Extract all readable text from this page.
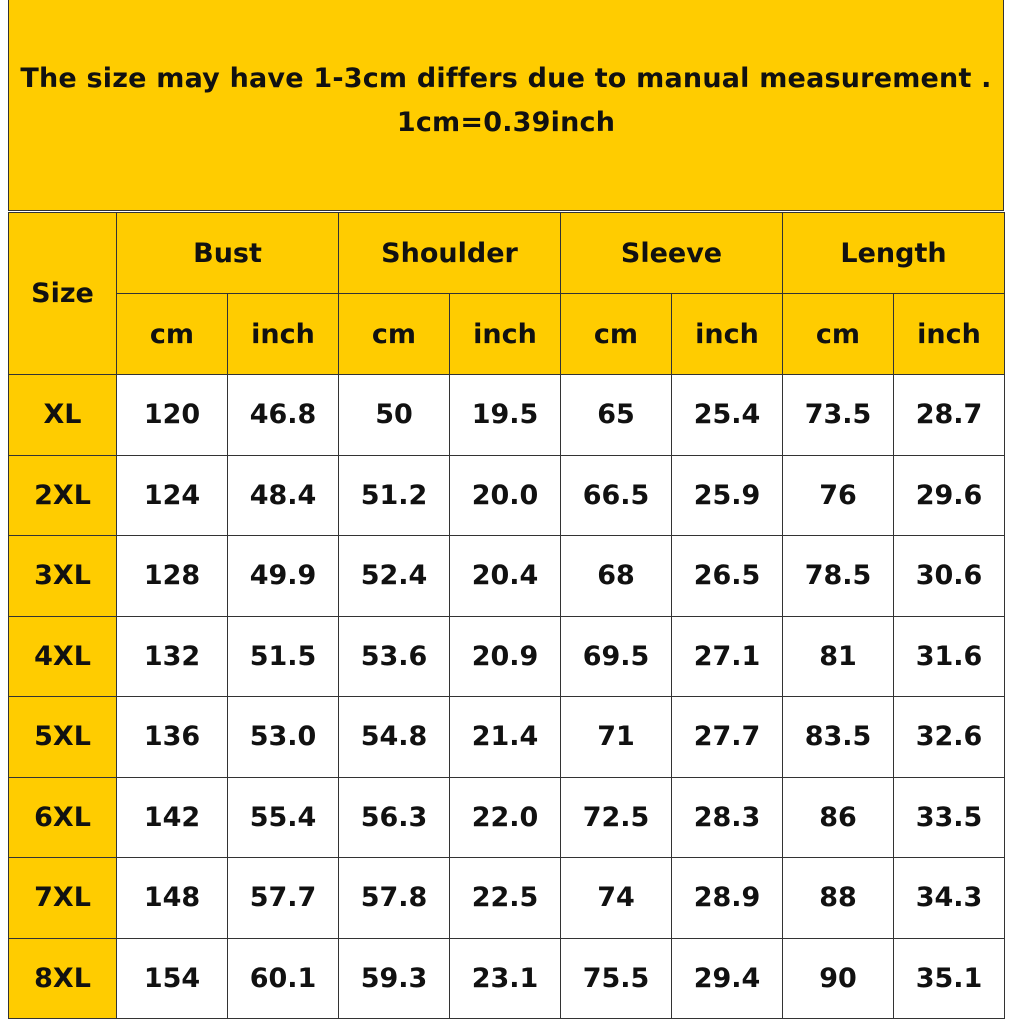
The size may have 1-3cm differs due to manual measurement .
1cm=0.39inch
Size	Bust		Shoulder		Sleeve		Length	
	cm	inch	cm	inch	cm	inch	cm	inch
XL	120	46.8	50	19.5	65	25.4	73.5	28.7
2XL	124	48.4	51.2	20.0	66.5	25.9	76	29.6
3XL	128	49.9	52.4	20.4	68	26.5	78.5	30.6
4XL	132	51.5	53.6	20.9	69.5	27.1	81	31.6
5XL	136	53.0	54.8	21.4	71	27.7	83.5	32.6
6XL	142	55.4	56.3	22.0	72.5	28.3	86	33.5
7XL	148	57.7	57.8	22.5	74	28.9	88	34.3
8XL	154	60.1	59.3	23.1	75.5	29.4	90	35.1
